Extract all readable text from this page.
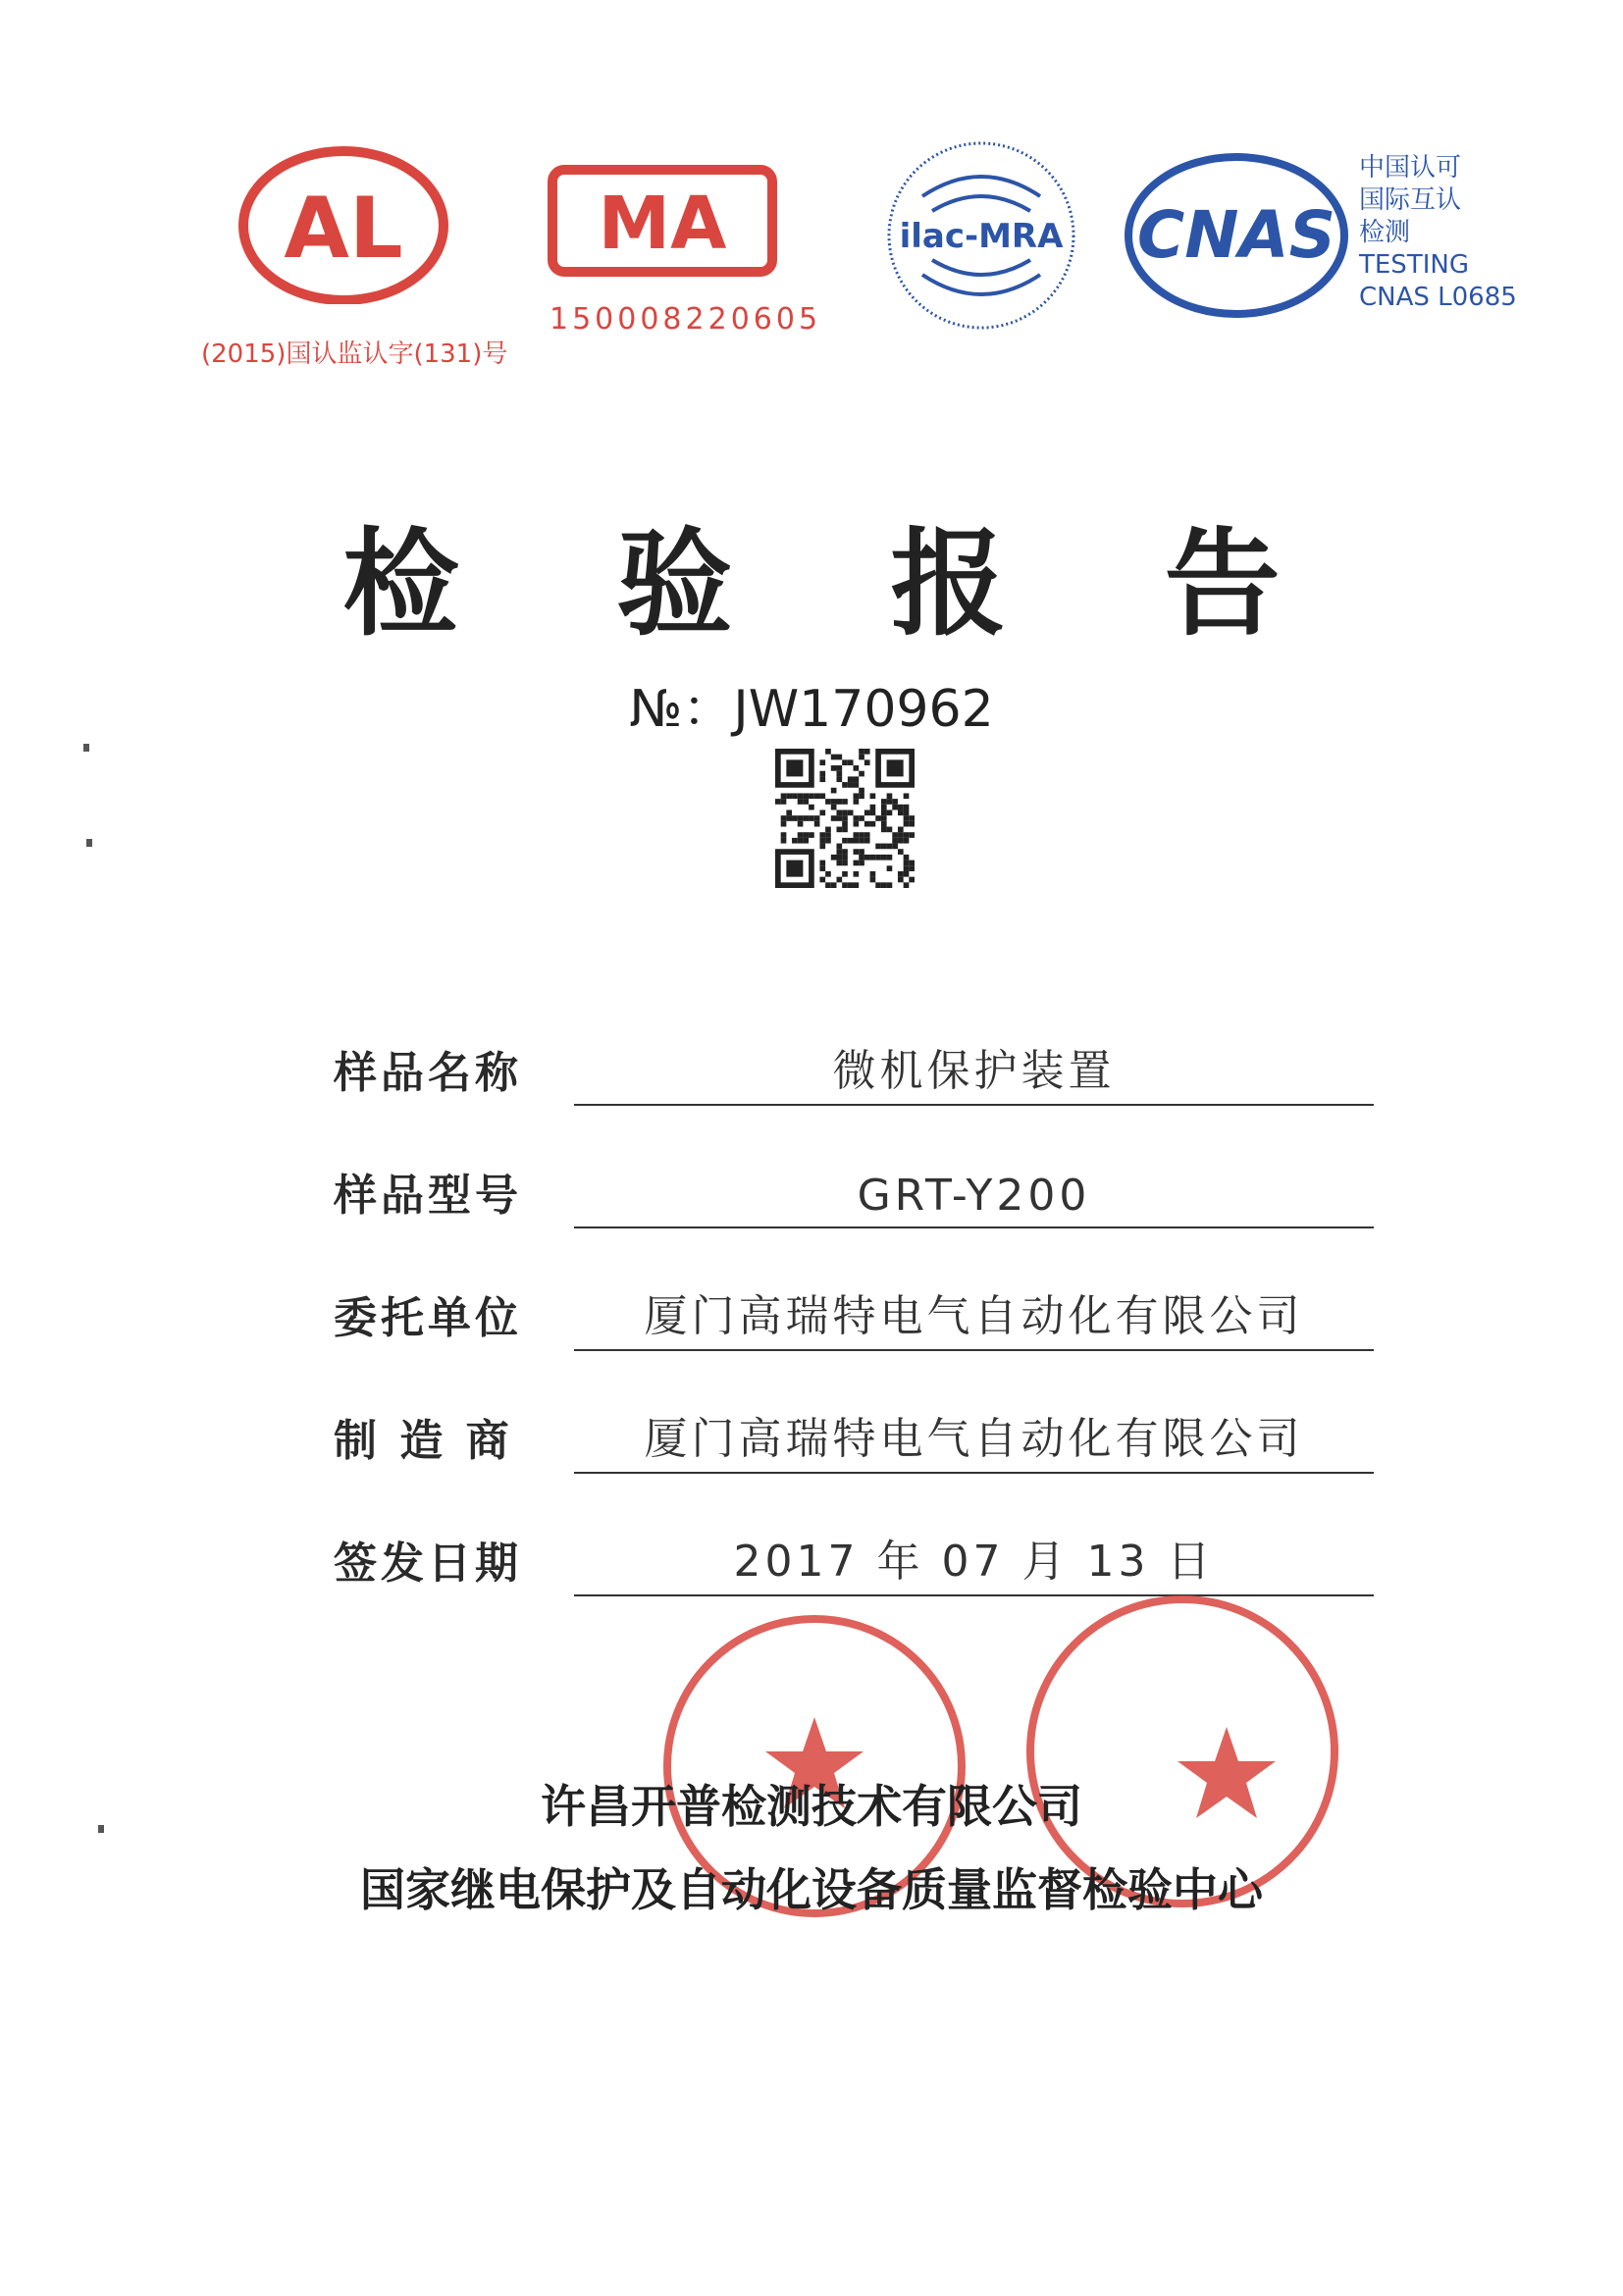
AL
(2015)国认监认字(131)号
MA
150008220605
ilac-MRA CNAS
中国认可
国际互认
检测
TESTING
CNAS L0685
检 验 报 告
№：JW170962
样品名称	微机保护装置
样品型号	GRT-Y200
委托单位	厦门高瑞特电气自动化有限公司
制 造 商	厦门高瑞特电气自动化有限公司
签发日期	2017 年 07 月 13 日
许昌开普检测技术有限公司
国家继电保护及自动化设备质量监督检验中心
